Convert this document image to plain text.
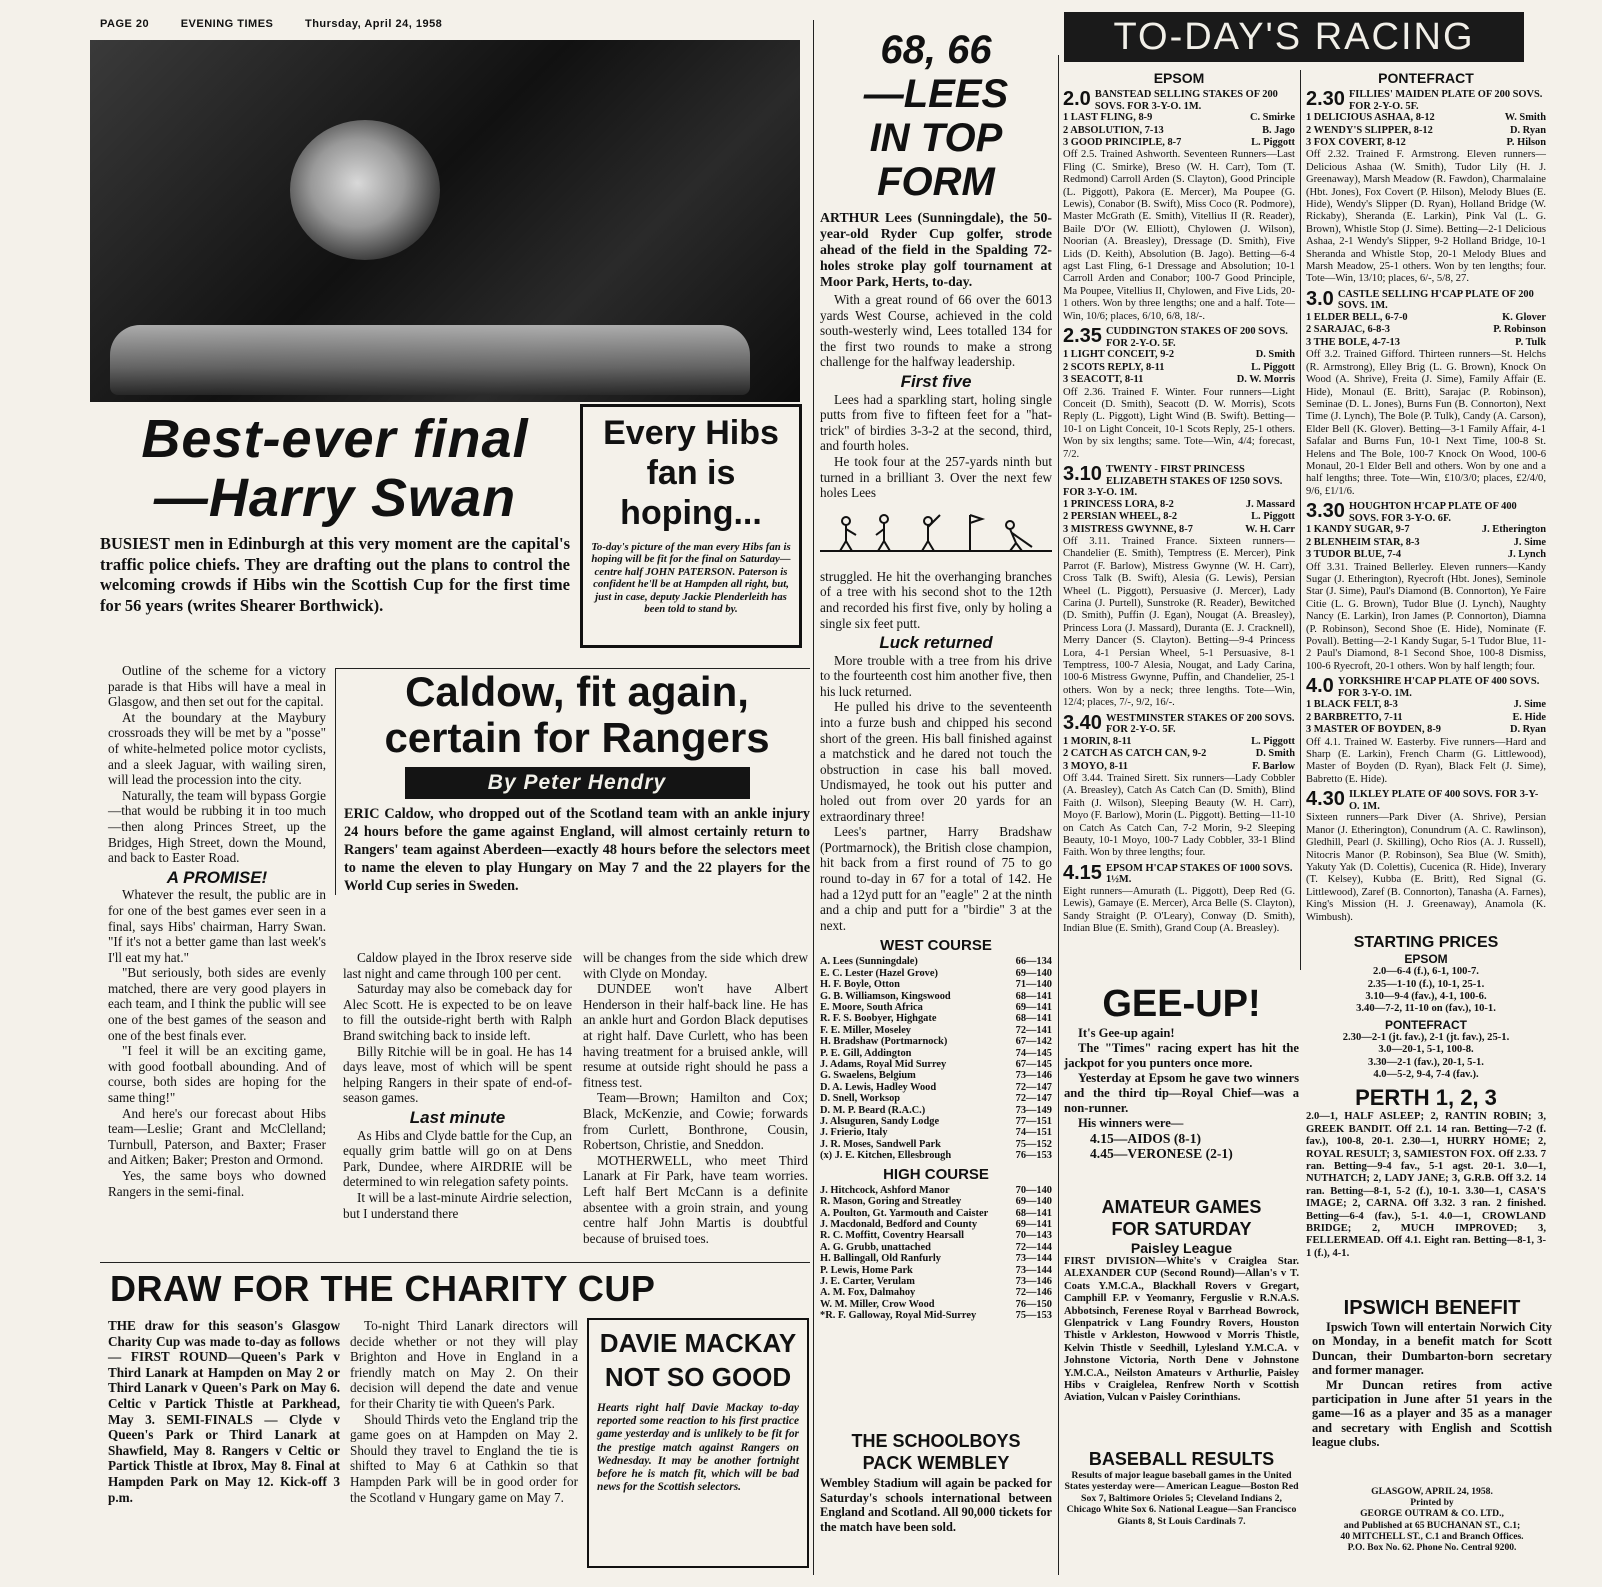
PAGE 20	EVENING TIMES	Thursday, April 24, 1958
Best-ever final
—Harry Swan
BUSIEST men in Edinburgh at this very moment are the capital's traffic police chiefs. They are drafting out the plans to control the welcoming crowds if Hibs win the Scottish Cup for the first time for 56 years (writes Shearer Borthwick).

Outline of the scheme for a victory parade is that Hibs will have a meal in Glasgow, and then set out for the capital.

At the boundary at the Maybury crossroads they will be met by a "posse" of white-helmeted police motor cyclists, and a sleek Jaguar, with wailing siren, will lead the procession into the city.

Naturally, the team will bypass Gorgie—that would be rubbing it in too much—then along Princes Street, up the Bridges, High Street, down the Mound, and back to Easter Road.

A PROMISE!

Whatever the result, the public are in for one of the best games ever seen in a final, says Hibs' chairman, Harry Swan. "If it's not a better game than last week's I'll eat my hat."

"But seriously, both sides are evenly matched, there are very good players in each team, and I think the public will see one of the best games of the season and one of the best finals ever.

"I feel it will be an exciting game, with good football abounding. And of course, both sides are hoping for the same thing!"

And here's our forecast about Hibs team—Leslie; Grant and McClelland; Turnbull, Paterson, and Baxter; Fraser and Aitken; Baker; Preston and Ormond.

Yes, the same boys who downed Rangers in the semi-final.

Every Hibs fan is hoping...
To-day's picture of the man every Hibs fan is hoping will be fit for the final on Saturday—centre half JOHN PATERSON. Paterson is confident he'll be at Hampden all right, but, just in case, deputy Jackie Plenderleith has been told to stand by.
Caldow, fit again,
certain for Rangers
By Peter Hendry
ERIC Caldow, who dropped out of the Scotland team with an ankle injury 24 hours before the game against England, will almost certainly return to Rangers' team against Aberdeen—exactly 48 hours before the selectors meet to name the eleven to play Hungary on May 7 and the 22 players for the World Cup series in Sweden.

Caldow played in the Ibrox reserve side last night and came through 100 per cent.

Saturday may also be comeback day for Alec Scott. He is expected to be on leave to fill the outside-right berth with Ralph Brand switching back to inside left.

Billy Ritchie will be in goal. He has 14 days leave, most of which will be spent helping Rangers in their spate of end-of-season games.

Last minute

As Hibs and Clyde battle for the Cup, an equally grim battle will go on at Dens Park, Dundee, where AIRDRIE will be determined to win relegation safety points.

It will be a last-minute Airdrie selection, but I understand there

will be changes from the side which drew with Clyde on Monday.

DUNDEE won't have Albert Henderson in their half-back line. He has an ankle hurt and Gordon Black deputises at right half. Dave Curlett, who has been having treatment for a bruised ankle, will resume at outside right should he pass a fitness test.

Team—Brown; Hamilton and Cox; Black, McKenzie, and Cowie; forwards from Curlett, Bonthrone, Cousin, Robertson, Christie, and Sneddon.

MOTHERWELL, who meet Third Lanark at Fir Park, have team worries. Left half Bert McCann is a definite absentee with a groin strain, and young centre half John Martis is doubtful because of bruised toes.

DRAW FOR THE CHARITY CUP

THE draw for this season's Glasgow Charity Cup was made to-day as follows— FIRST ROUND—Queen's Park v Third Lanark at Hampden on May 2 or Third Lanark v Queen's Park on May 6. Celtic v Partick Thistle at Parkhead, May 3. SEMI-FINALS — Clyde v Queen's Park or Third Lanark at Shawfield, May 8. Rangers v Celtic or Partick Thistle at Ibrox, May 8. Final at Hampden Park on May 12. Kick-off 3 p.m.

To-night Third Lanark directors will decide whether or not they will play Brighton and Hove in England in a friendly match on May 2. On their decision will depend the date and venue for their Charity tie with Queen's Park.

Should Thirds veto the England trip the game goes on at Hampden on May 2. Should they travel to England the tie is shifted to May 6 at Cathkin so that Hampden Park will be in good order for the Scotland v Hungary game on May 7.

DAVIE MACKAY
NOT SO GOOD
Hearts right half Davie Mackay to-day reported some reaction to his first practice game yesterday and is unlikely to be fit for the prestige match against Rangers on Wednesday. It may be another fortnight before he is match fit, which will be bad news for the Scottish selectors.
68, 66
—LEES
IN TOP
FORM
ARTHUR Lees (Sunningdale), the 50-year-old Ryder Cup golfer, strode ahead of the field in the Spalding 72-holes stroke play golf tournament at Moor Park, Herts, to-day.

With a great round of 66 over the 6013 yards West Course, achieved in the cold south-westerly wind, Lees totalled 134 for the first two rounds to make a strong challenge for the halfway leadership.

First five

Lees had a sparkling start, holing single putts from five to fifteen feet for a "hat-trick" of birdies 3-3-2 at the second, third, and fourth holes.

He took four at the 257-yards ninth but turned in a brilliant 3. Over the next few holes Lees

struggled. He hit the overhanging branches of a tree with his second shot to the 12th and recorded his first five, only by holing a single six feet putt.

Luck returned

More trouble with a tree from his drive to the fourteenth cost him another five, then his luck returned.

He pulled his drive to the seventeenth into a furze bush and chipped his second short of the green. His ball finished against a matchstick and he dared not touch the obstruction in case his ball moved. Undismayed, he took out his putter and holed out from over 20 yards for an extraordinary three!

Lees's partner, Harry Bradshaw (Portmarnock), the British close champion, hit back from a first round of 75 to go round to-day in 67 for a total of 142. He had a 12yd putt for an "eagle" 2 at the ninth and a chip and putt for a "birdie" 3 at the next.

WEST COURSE
A. Lees (Sunningdale)	66—134
E. C. Lester (Hazel Grove)	69—140
H. F. Boyle, Otton	71—140
G. B. Williamson, Kingswood	68—141
E. Moore, South Africa	69—141
R. F. S. Boobyer, Highgate	68—141
F. E. Miller, Moseley	72—141
H. Bradshaw (Portmarnock)	67—142
P. E. Gill, Addington	74—145
J. Adams, Royal Mid Surrey	67—145
G. Swaelens, Belgium	73—146
D. A. Lewis, Hadley Wood	72—147
D. Snell, Worksop	72—147
D. M. P. Beard (R.A.C.)	73—149
J. Alsuguren, Sandy Lodge	77—151
J. Frierio, Italy	74—151
J. R. Moses, Sandwell Park	75—152
(x) J. E. Kitchen, Ellesbrough	76—153
HIGH COURSE
J. Hitchcock, Ashford Manor	70—140
R. Mason, Goring and Streatley	69—140
A. Poulton, Gt. Yarmouth and Caister	68—141
J. Macdonald, Bedford and County	69—141
R. C. Moffitt, Coventry Hearsall	70—143
A. G. Grubb, unattached	72—144
H. Ballingall, Old Ranfurly	73—144
P. Lewis, Home Park	73—144
J. E. Carter, Verulam	73—146
A. M. Fox, Dalmahoy	72—146
W. M. Miller, Crow Wood	76—150
*R. F. Galloway, Royal Mid-Surrey	75—153
THE SCHOOLBOYS
PACK WEMBLEY
Wembley Stadium will again be packed for Saturday's schools international between England and Scotland. All 90,000 tickets for the match have been sold.
TO-DAY'S RACING
EPSOM
2.0 BANSTEAD SELLING STAKES OF 200 SOVS. FOR 3-Y-O. 1M.
1 LAST FLING, 8-9	C. Smirke
2 ABSOLUTION, 7-13	B. Jago
3 GOOD PRINCIPLE, 8-7	L. Piggott
Off 2.5. Trained Ashworth. Seventeen Runners—Last Fling (C. Smirke), Breso (W. H. Carr), Tom (T. Redmond) Carroll Arden (S. Clayton), Good Principle (L. Piggott), Pakora (E. Mercer), Ma Poupee (G. Lewis), Conabor (B. Swift), Miss Coco (R. Podmore), Master McGrath (E. Smith), Vitellius II (R. Reader), Baile D'Or (W. Elliott), Chylowen (J. Wilson), Noorian (A. Breasley), Dressage (D. Smith), Five Lids (D. Keith), Absolution (B. Jago). Betting—6-4 agst Last Fling, 6-1 Dressage and Absolution; 10-1 Carroll Arden and Conabor; 100-7 Good Principle, Ma Poupee, Vitellius II, Chylowen, and Five Lids, 20-1 others. Won by three lengths; one and a half. Tote—Win, 10/6; places, 6/10, 6/8, 18/-.
2.35 CUDDINGTON STAKES OF 200 SOVS. FOR 2-Y-O. 5F.
1 LIGHT CONCEIT, 9-2	D. Smith
2 SCOTS REPLY, 8-11	L. Piggott
3 SEACOTT, 8-11	D. W. Morris
Off 2.36. Trained F. Winter. Four runners—Light Conceit (D. Smith), Seacott (D. W. Morris), Scots Reply (L. Piggott), Light Wind (B. Swift). Betting—10-1 on Light Conceit, 10-1 Scots Reply, 25-1 others. Won by six lengths; same. Tote—Win, 4/4; forecast, 7/2.
3.10 TWENTY - FIRST PRINCESS ELIZABETH STAKES OF 1250 SOVS. FOR 3-Y-O. 1M.
1 PRINCESS LORA, 8-2	J. Massard
2 PERSIAN WHEEL, 8-2	L. Piggott
3 MISTRESS GWYNNE, 8-7	W. H. Carr
Off 3.11. Trained France. Sixteen runners—Chandelier (E. Smith), Temptress (E. Mercer), Pink Parrot (F. Barlow), Mistress Gwynne (W. H. Carr), Cross Talk (B. Swift), Alesia (G. Lewis), Persian Wheel (L. Piggott), Persuasive (J. Mercer), Lady Carina (J. Purtell), Sunstroke (R. Reader), Bewitched (D. Smith), Puffin (J. Egan), Nougat (A. Breasley), Princess Lora (J. Massard), Duranta (E. J. Cracknell), Merry Dancer (S. Clayton). Betting—9-4 Princess Lora, 4-1 Persian Wheel, 5-1 Persuasive, 8-1 Temptress, 100-7 Alesia, Nougat, and Lady Carina, 100-6 Mistress Gwynne, Puffin, and Chandelier, 25-1 others. Won by a neck; three lengths. Tote—Win, 12/4; places, 7/-, 9/2, 16/-.
3.40 WESTMINSTER STAKES OF 200 SOVS. FOR 2-Y-O. 5F.
1 MORIN, 8-11	L. Piggott
2 CATCH AS CATCH CAN, 9-2	D. Smith
3 MOYO, 8-11	F. Barlow
Off 3.44. Trained Sirett. Six runners—Lady Cobbler (A. Breasley), Catch As Catch Can (D. Smith), Blind Faith (J. Wilson), Sleeping Beauty (W. H. Carr), Moyo (F. Barlow), Morin (L. Piggott). Betting—11-10 on Catch As Catch Can, 7-2 Morin, 9-2 Sleeping Beauty, 10-1 Moyo, 100-7 Lady Cobbler, 33-1 Blind Faith. Won by three lengths; four.
4.15 EPSOM H'CAP STAKES OF 1000 SOVS. 1½M.
Eight runners—Amurath (L. Piggott), Deep Red (G. Lewis), Gamaye (E. Mercer), Arca Belle (S. Clayton), Sandy Straight (P. O'Leary), Conway (D. Smith), Indian Blue (E. Smith), Grand Coup (A. Breasley).
PONTEFRACT
2.30 FILLIES' MAIDEN PLATE OF 200 SOVS. FOR 2-Y-O. 5F.
1 DELICIOUS ASHAA, 8-12	W. Smith
2 WENDY'S SLIPPER, 8-12	D. Ryan
3 FOX COVERT, 8-12	P. Hilson
Off 2.32. Trained F. Armstrong. Eleven runners—Delicious Ashaa (W. Smith), Tudor Lily (H. J. Greenaway), Marsh Meadow (R. Fawdon), Charmalaine (Hbt. Jones), Fox Covert (P. Hilson), Melody Blues (E. Hide), Wendy's Slipper (D. Ryan), Holland Bridge (W. Rickaby), Sheranda (E. Larkin), Pink Val (L. G. Brown), Whistle Stop (J. Sime). Betting—2-1 Delicious Ashaa, 2-1 Wendy's Slipper, 9-2 Holland Bridge, 10-1 Sheranda and Whistle Stop, 20-1 Melody Blues and Marsh Meadow, 25-1 others. Won by ten lengths; four. Tote—Win, 13/10; places, 6/-, 5/8, 27.
3.0 CASTLE SELLING H'CAP PLATE OF 200 SOVS. 1M.
1 ELDER BELL, 6-7-0	K. Glover
2 SARAJAC, 6-8-3	P. Robinson
3 THE BOLE, 4-7-13	P. Tulk
Off 3.2. Trained Gifford. Thirteen runners—St. Helchs (R. Armstrong), Elley Brig (L. G. Brown), Knock On Wood (A. Shrive), Freita (J. Sime), Family Affair (E. Hide), Monaul (E. Britt), Sarajac (P. Robinson), Seminae (D. L. Jones), Burns Fun (B. Connorton), Next Time (J. Lynch), The Bole (P. Tulk), Candy (A. Carson), Elder Bell (K. Glover). Betting—3-1 Family Affair, 4-1 Safalar and Burns Fun, 10-1 Next Time, 100-8 St. Helens and The Bole, 100-7 Knock On Wood, 100-6 Monaul, 20-1 Elder Bell and others. Won by one and a half lengths; three. Tote—Win, £10/3/0; places, £2/4/0, 9/6, £1/1/6.
3.30 HOUGHTON H'CAP PLATE OF 400 SOVS. FOR 3-Y-O. 6F.
1 KANDY SUGAR, 9-7	J. Etherington
2 BLENHEIM STAR, 8-3	J. Sime
3 TUDOR BLUE, 7-4	J. Lynch
Off 3.31. Trained Bellerley. Eleven runners—Kandy Sugar (J. Etherington), Ryecroft (Hbt. Jones), Seminole Star (J. Sime), Paul's Diamond (B. Connorton), Ye Faire Citie (L. G. Brown), Tudor Blue (J. Lynch), Naughty Nancy (E. Larkin), Iron James (P. Connorton), Diamna (P. Robinson), Second Shoe (E. Hide), Nominate (F. Povall). Betting—2-1 Kandy Sugar, 5-1 Tudor Blue, 11-2 Paul's Diamond, 8-1 Second Shoe, 100-8 Dismiss, 100-6 Ryecroft, 20-1 others. Won by half length; four.
4.0 YORKSHIRE H'CAP PLATE OF 400 SOVS. FOR 3-Y-O. 1M.
1 BLACK FELT, 8-3	J. Sime
2 BARBRETTO, 7-11	E. Hide
3 MASTER OF BOYDEN, 8-9	D. Ryan
Off 4.1. Trained W. Easterby. Five runners—Hard and Sharp (E. Larkin), French Charm (G. Littlewood), Master of Boyden (D. Ryan), Black Felt (J. Sime), Babretto (E. Hide).
4.30 ILKLEY PLATE OF 400 SOVS. FOR 3-Y-O. 1M.
Sixteen runners—Park Diver (A. Shrive), Persian Manor (J. Etherington), Conundrum (A. C. Rawlinson), Gledhill, Pearl (J. Skilling), Ocho Rios (A. J. Russell), Nitocris Manor (P. Robinson), Sea Blue (W. Smith), Yakuty Yak (D. Colettis), Cucenica (R. Hide), Inverary (T. Kelsey), Kubba (E. Britt), Red Signal (G. Littlewood), Zaref (B. Connorton), Tanasha (A. Farnes), King's Mission (H. J. Greenaway), Anamola (K. Wimbush).
STARTING PRICES
EPSOM
2.0—6-4 (f.), 6-1, 100-7.
2.35—1-10 (f.), 10-1, 25-1.
3.10—9-4 (fav.), 4-1, 100-6.
3.40—7-2, 11-10 on (fav.), 10-1.
PONTEFRACT
2.30—2-1 (jt. fav.), 2-1 (jt. fav.), 25-1.
3.0—20-1, 5-1, 100-8.
3.30—2-1 (fav.), 20-1, 5-1.
4.0—5-2, 9-4, 7-4 (fav.).
PERTH 1, 2, 3
2.0—1, HALF ASLEEP; 2, RANTIN ROBIN; 3, GREEK BANDIT. Off 2.1. 14 ran. Betting—7-2 (f. fav.), 100-8, 20-1. 2.30—1, HURRY HOME; 2, ROYAL RESULT; 3, SAMIESTON FOX. Off 2.33. 7 ran. Betting—9-4 fav., 5-1 agst. 20-1. 3.0—1, NUTHATCH; 2, LADY JANE; 3, G.R.B. Off 3.2. 14 ran. Betting—8-1, 5-2 (f.), 10-1. 3.30—1, CASA'S IMAGE; 2, CARNA. Off 3.32. 3 ran. 2 finished. Betting—6-4 (fav.), 5-1. 4.0—1, CROWLAND BRIDGE; 2, MUCH IMPROVED; 3, FELLERMEAD. Off 4.1. Eight ran. Betting—8-1, 3-1 (f.), 4-1.
GEE-UP!

It's Gee-up again!

The "Times" racing expert has hit the jackpot for you punters once more.

Yesterday at Epsom he gave two winners and the third tip—Royal Chief—was a non-runner.

His winners were—

4.15—AIDOS (8-1)
4.45—VERONESE (2-1)
AMATEUR GAMES
FOR SATURDAY
Paisley League
FIRST DIVISION—White's v Craiglea Star. ALEXANDER CUP (Second Round)—Allan's v T. Coats Y.M.C.A., Blackhall Rovers v Gregart, Camphill F.P. v Yeomanry, Ferguslie v R.N.A.S. Abbotsinch, Ferenese Royal v Barrhead Bowrock, Glenpatrick v Lang Foundry Rovers, Houston Thistle v Arkleston, Howwood v Morris Thistle, Kelvin Thistle v Seedhill, Lylesland Y.M.C.A. v Johnstone Victoria, North Dene v Johnstone Y.M.C.A., Neilston Amateurs v Arthurlie, Paisley Hibs v Craiglelea, Renfrew North v Scottish Aviation, Vulcan v Paisley Corinthians.
BASEBALL RESULTS
Results of major league baseball games in the United States yesterday were— American League—Boston Red Sox 7, Baltimore Orioles 5; Cleveland Indians 2, Chicago White Sox 6. National League—San Francisco Giants 8, St Louis Cardinals 7.
IPSWICH BENEFIT

Ipswich Town will entertain Norwich City on Monday, in a benefit match for Scott Duncan, their Dumbarton-born secretary and former manager.

Mr Duncan retires from active participation in June after 51 years in the game—16 as a player and 35 as a manager and secretary with English and Scottish league clubs.

GLASGOW, APRIL 24, 1958.
Printed by
GEORGE OUTRAM & CO. LTD.,
and Published at 65 BUCHANAN ST., C.1;
40 MITCHELL ST., C.1 and Branch Offices.
P.O. Box No. 62. Phone No. Central 9200.
